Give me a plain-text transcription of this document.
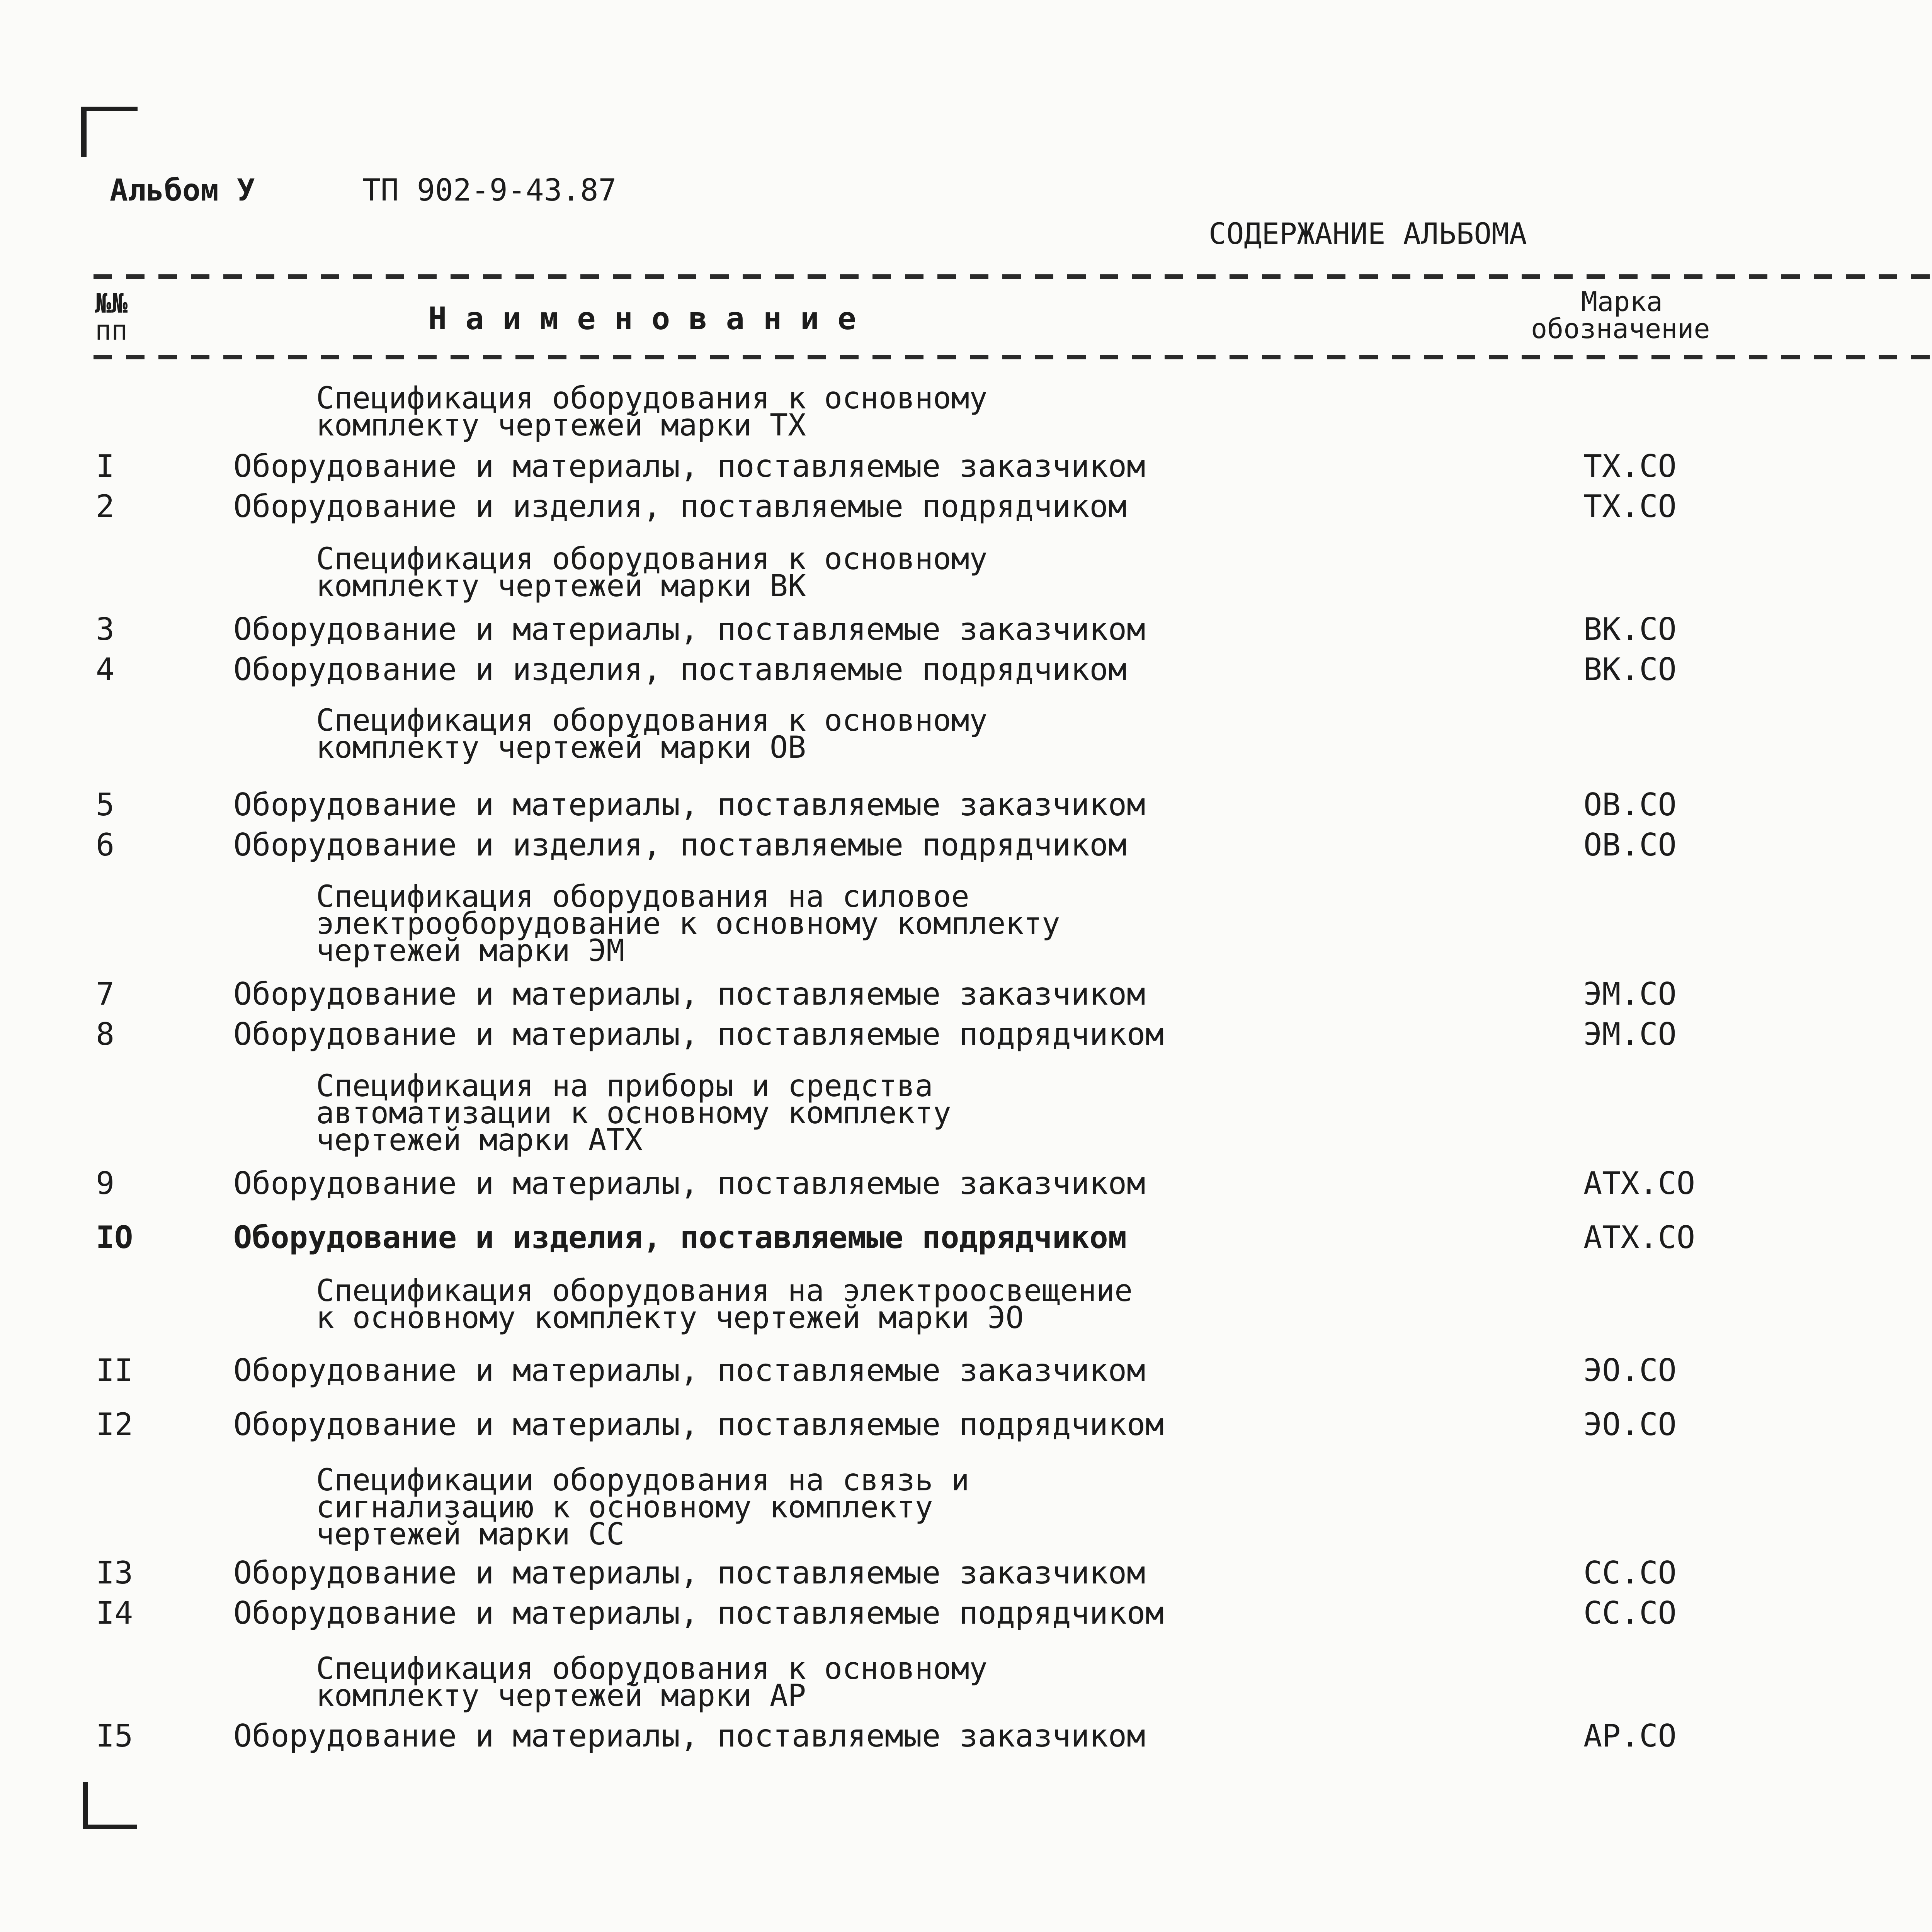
Альбом У	ТП 902-9-43.87
СОДЕРЖАНИЕ АЛЬБОМА
№№
пп	Н а и м е н о в а н и е	Марка
обозначение
Спецификация оборудования к основному
комплекту чертежей марки ТХ
Спецификация оборудования к основному
комплекту чертежей марки ВК
Спецификация оборудования к основному
комплекту чертежей марки ОВ
Спецификация оборудования на силовое
электрооборудование к основному комплекту
чертежей марки ЭМ
Спецификация на приборы и средства
автоматизации к основному комплекту
чертежей марки АТХ
Спецификация оборудования на электроосвещение
к основному комплекту чертежей марки ЭО
Спецификации оборудования на связь и
сигнализацию к основному комплекту
чертежей марки СС
Спецификация оборудования к основному
комплекту чертежей марки АР
I	Оборудование и материалы, поставляемые заказчиком	ТХ.СО
2	Оборудование и изделия, поставляемые подрядчиком	ТХ.СО
3	Оборудование и материалы, поставляемые заказчиком	ВК.СО
4	Оборудование и изделия, поставляемые подрядчиком	ВК.СО
5	Оборудование и материалы, поставляемые заказчиком	ОВ.СО
6	Оборудование и изделия, поставляемые подрядчиком	ОВ.СО
7	Оборудование и материалы, поставляемые заказчиком	ЭМ.СО
8	Оборудование и материалы, поставляемые подрядчиком	ЭМ.СО
9	Оборудование и материалы, поставляемые заказчиком	АТХ.СО
IO	Оборудование и изделия, поставляемые подрядчиком	АТХ.СО
II	Оборудование и материалы, поставляемые заказчиком	ЭО.СО
I2	Оборудование и материалы, поставляемые подрядчиком	ЭО.СО
I3	Оборудование и материалы, поставляемые заказчиком	СС.СО
I4	Оборудование и материалы, поставляемые подрядчиком	СС.СО
I5	Оборудование и материалы, поставляемые заказчиком	АР.СО
